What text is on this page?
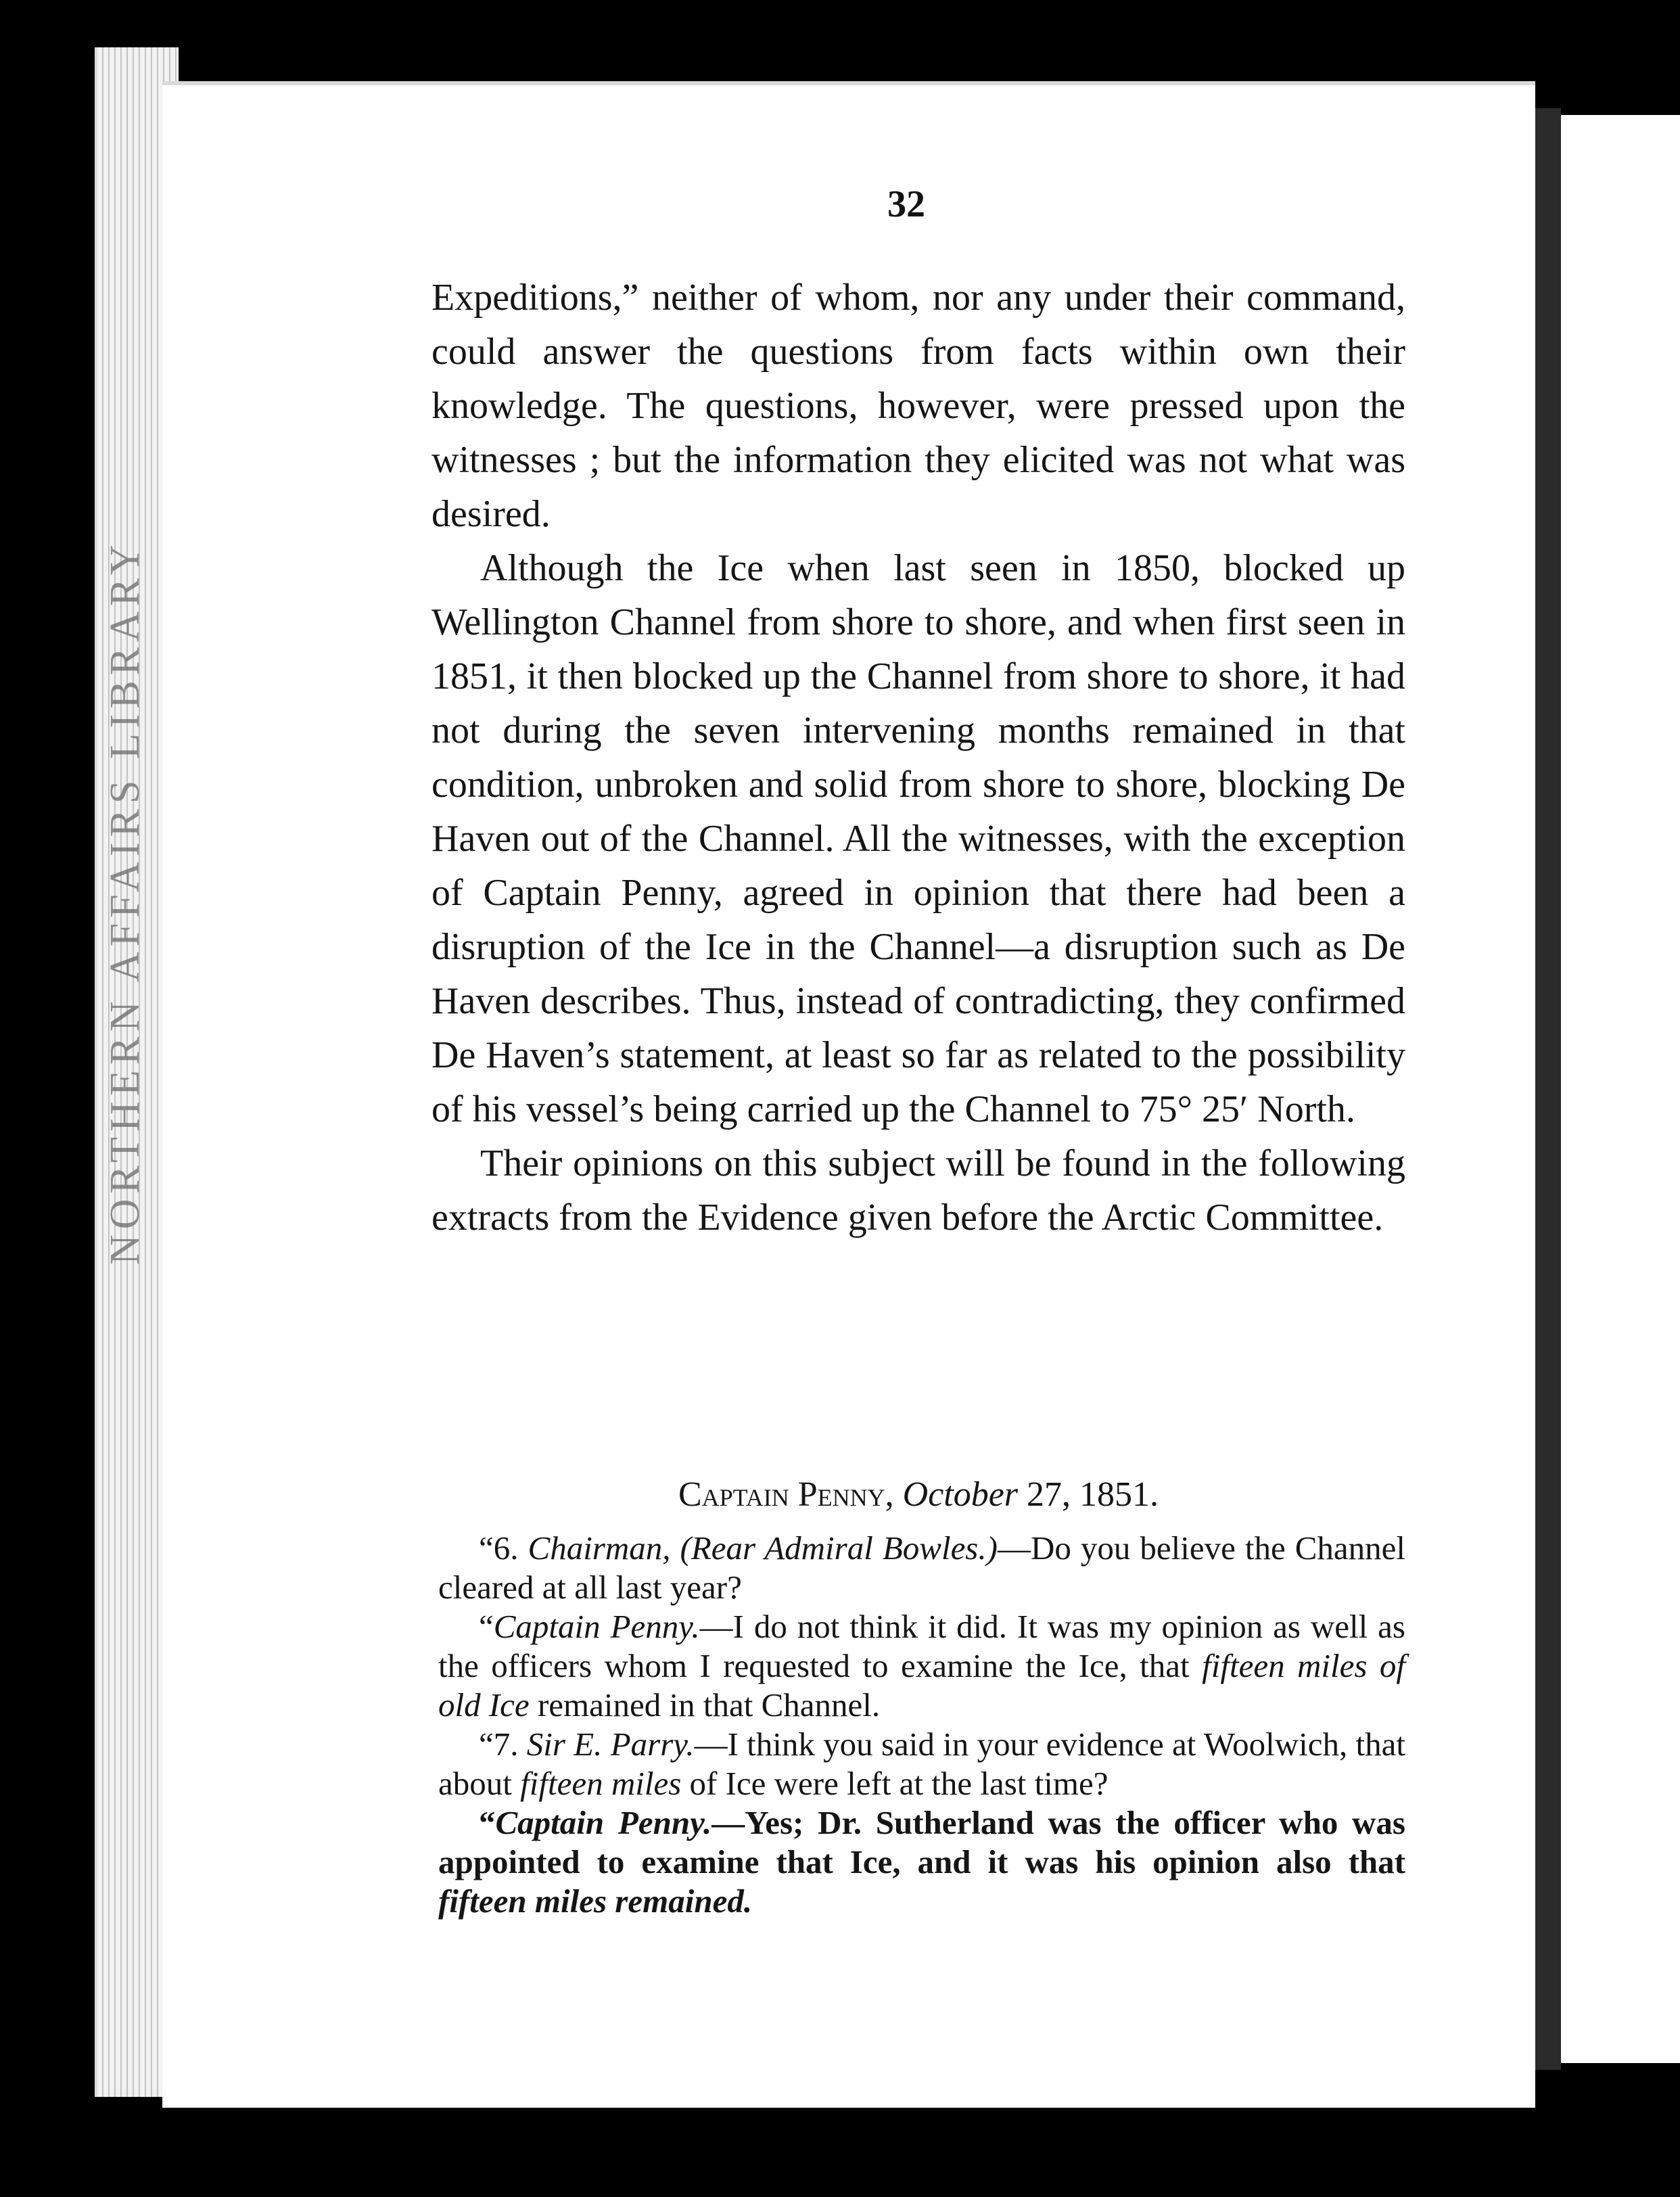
NORTHERN AFFAIRS LIBRARY
32

Expeditions,” neither of whom, nor any under their command, could answer the questions from facts within own their knowledge. The questions, however, were pressed upon the witnesses ; but the information they elicited was not what was desired.

Although the Ice when last seen in 1850, blocked up Wellington Channel from shore to shore, and when first seen in 1851, it then blocked up the Channel from shore to shore, it had not during the seven intervening months remained in that condition, unbroken and solid from shore to shore, blocking De Haven out of the Channel. All the witnesses, with the exception of Captain Penny, agreed in opinion that there had been a disruption of the Ice in the Channel—a disruption such as De Haven describes. Thus, instead of contradicting, they confirmed De Haven’s statement, at least so far as related to the possibility of his vessel’s being carried up the Channel to 75° 25′ North.

Their opinions on this subject will be found in the following extracts from the Evidence given before the Arctic Committee.

Captain Penny, October 27, 1851.

“6. Chairman, (Rear Admiral Bowles.)—Do you believe the Channel cleared at all last year?

“Captain Penny.—I do not think it did. It was my opinion as well as the officers whom I requested to examine the Ice, that fifteen miles of old Ice remained in that Channel.

“7. Sir E. Parry.—I think you said in your evidence at Woolwich, that about fifteen miles of Ice were left at the last time?

“Captain Penny.—Yes; Dr. Sutherland was the officer who was appointed to examine that Ice, and it was his opinion also that fifteen miles remained.
